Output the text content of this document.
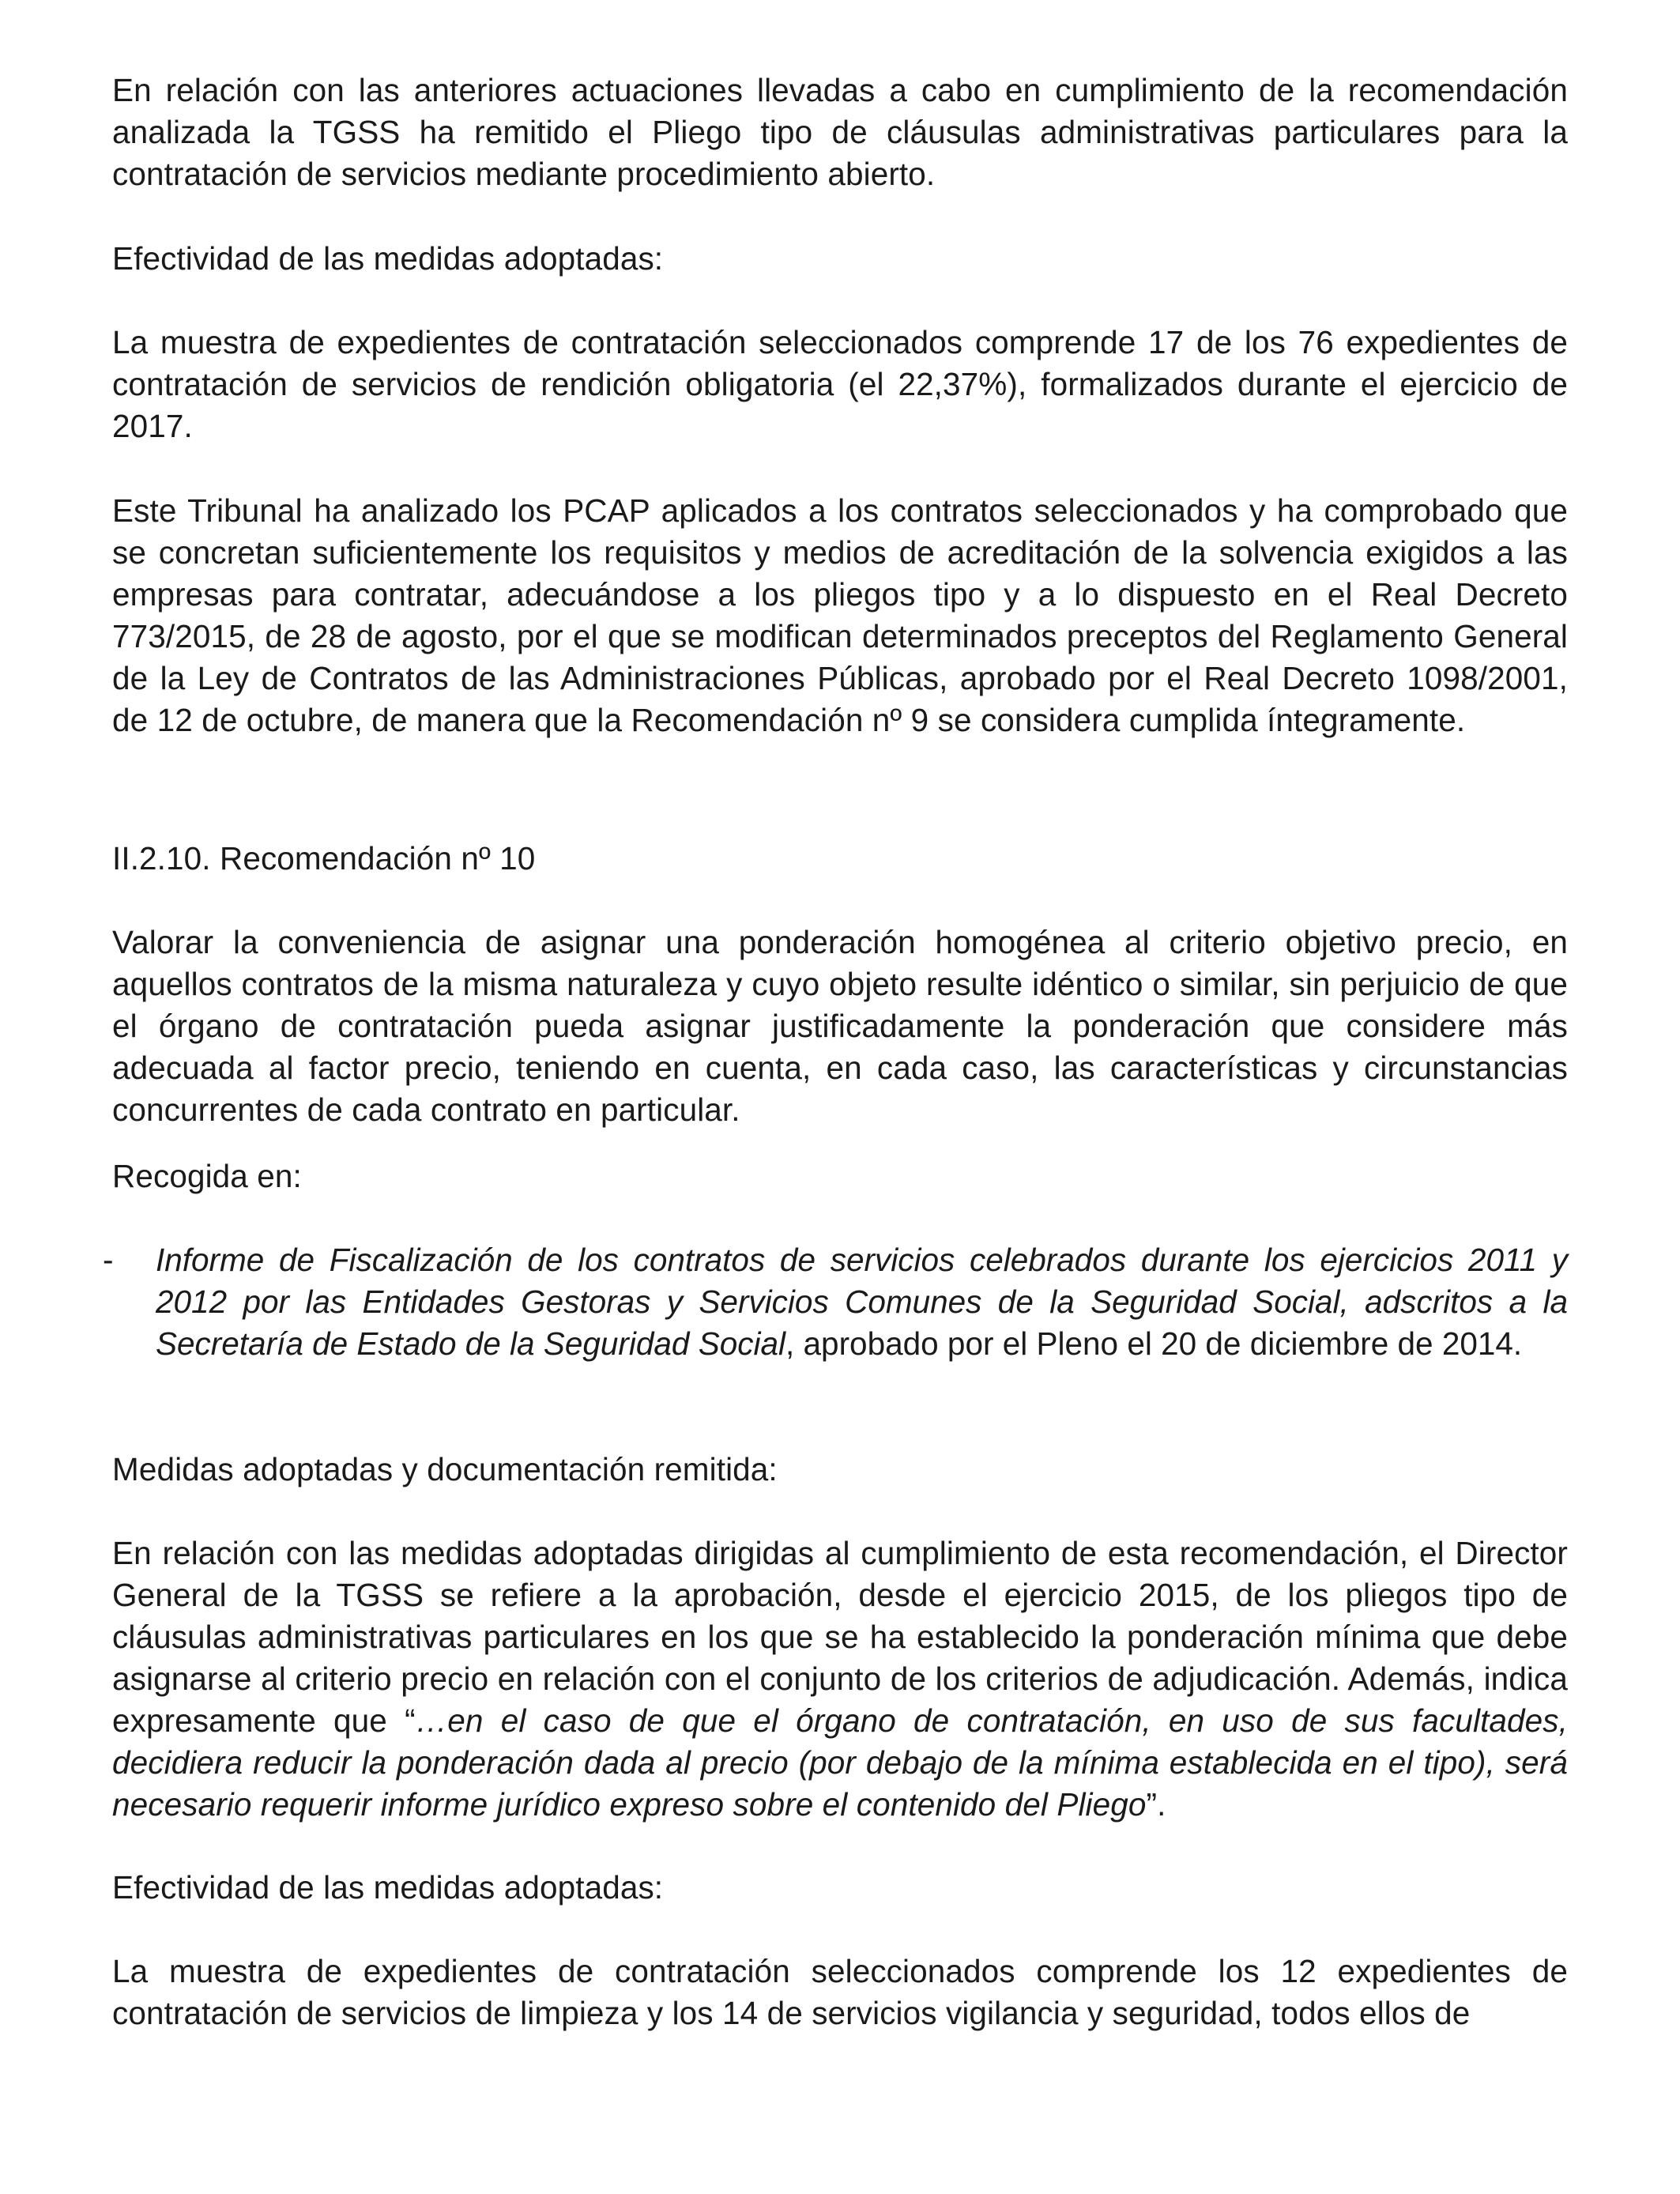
En relación con las anteriores actuaciones llevadas a cabo en cumplimiento de la recomendación analizada la TGSS ha remitido el Pliego tipo de cláusulas administrativas particulares para la contratación de servicios mediante procedimiento abierto.

Efectividad de las medidas adoptadas:

La muestra de expedientes de contratación seleccionados comprende 17 de los 76 expedientes de contratación de servicios de rendición obligatoria (el 22,37%), formalizados durante el ejercicio de 2017.

Este Tribunal ha analizado los PCAP aplicados a los contratos seleccionados y ha comprobado que se concretan suficientemente los requisitos y medios de acreditación de la solvencia exigidos a las empresas para contratar, adecuándose a los pliegos tipo y a lo dispuesto en el Real Decreto 773/2015, de 28 de agosto, por el que se modifican determinados preceptos del Reglamento General de la Ley de Contratos de las Administraciones Públicas, aprobado por el Real Decreto 1098/2001, de 12 de octubre, de manera que la Recomendación nº 9 se considera cumplida íntegramente.

II.2.10. Recomendación nº 10

Valorar la conveniencia de asignar una ponderación homogénea al criterio objetivo precio, en aquellos contratos de la misma naturaleza y cuyo objeto resulte idéntico o similar, sin perjuicio de que el órgano de contratación pueda asignar justificadamente la ponderación que considere más adecuada al factor precio, teniendo en cuenta, en cada caso, las características y circunstancias concurrentes de cada contrato en particular.

Recogida en:

- Informe de Fiscalización de los contratos de servicios celebrados durante los ejercicios 2011 y 2012 por las Entidades Gestoras y Servicios Comunes de la Seguridad Social, adscritos a la Secretaría de Estado de la Seguridad Social, aprobado por el Pleno el 20 de diciembre de 2014.

Medidas adoptadas y documentación remitida:

En relación con las medidas adoptadas dirigidas al cumplimiento de esta recomendación, el Director General de la TGSS se refiere a la aprobación, desde el ejercicio 2015, de los pliegos tipo de cláusulas administrativas particulares en los que se ha establecido la ponderación mínima que debe asignarse al criterio precio en relación con el conjunto de los criterios de adjudicación. Además, indica expresamente que “…en el caso de que el órgano de contratación, en uso de sus facultades, decidiera reducir la ponderación dada al precio (por debajo de la mínima establecida en el tipo), será necesario requerir informe jurídico expreso sobre el contenido del Pliego”.

Efectividad de las medidas adoptadas:

La muestra de expedientes de contratación seleccionados comprende los 12 expedientes de contratación de servicios de limpieza y los 14 de servicios vigilancia y seguridad, todos ellos de
